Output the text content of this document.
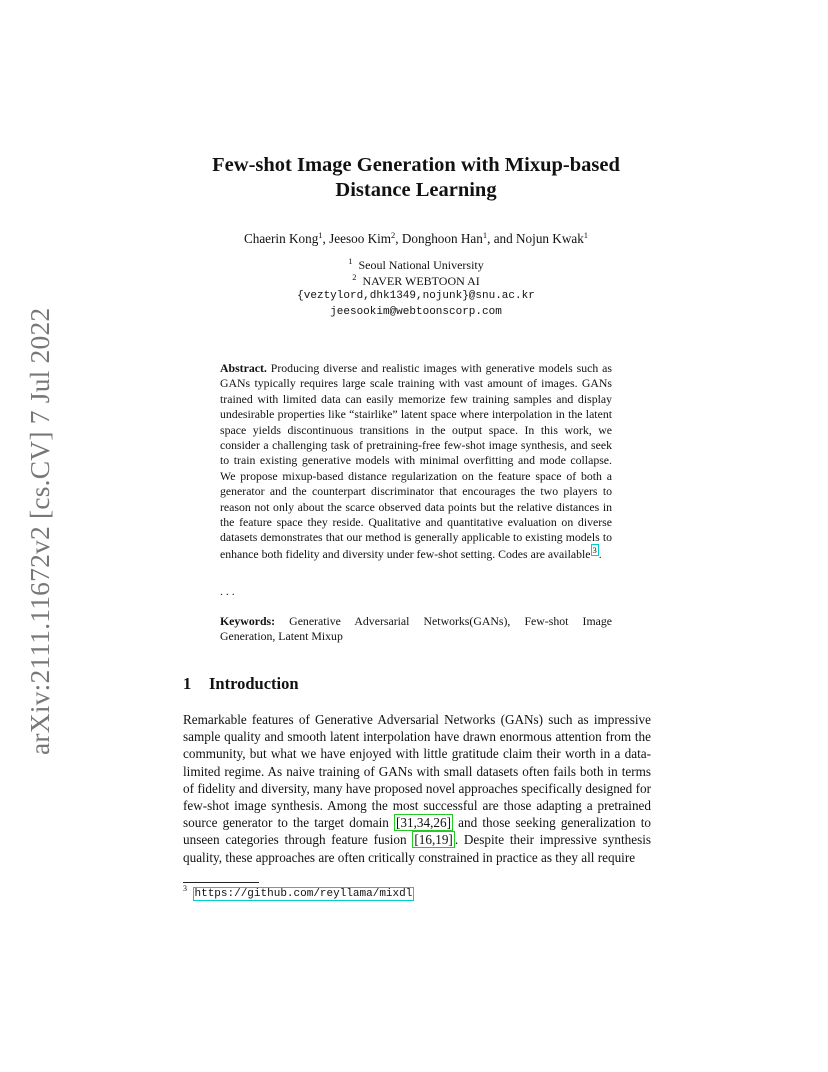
arXiv:2111.11672v2 [cs.CV] 7 Jul 2022
Few-shot Image Generation with Mixup-based
Distance Learning
Chaerin Kong$^1$, Jeesoo Kim$^2$, Donghoon Han$^1$, and Nojun Kwak$^1$
$^1$ Seoul National University
$^2$ NAVER WEBTOON AI
{veztylord,dhk1349,nojunk}@snu.ac.kr
jeesookim@webtoonscorp.com
Abstract. Producing diverse and realistic images with generative models such as GANs typically requires large scale training with vast amount of images. GANs trained with limited data can easily memorize few training samples and display undesirable properties like “stairlike” latent space where interpolation in the latent space yields discontinuous transitions in the output space. In this work, we consider a challenging task of pretraining-free few-shot image synthesis, and seek to train existing generative models with minimal overfitting and mode collapse. We propose mixup-based distance regularization on the feature space of both a generator and the counterpart discriminator that encourages the two players to reason not only about the scarce observed data points but the relative distances in the feature space they reside. Qualitative and quantitative evaluation on diverse datasets demonstrates that our method is generally applicable to existing models to enhance both fidelity and diversity under few-shot setting. Codes are available $^3$ .
. . .
Keywords: Generative Adversarial Networks(GANs), Few-shot Image Generation, Latent Mixup
1 Introduction
Remarkable features of Generative Adversarial Networks (GANs) such as impressive sample quality and smooth latent interpolation have drawn enormous attention from the community, but what we have enjoyed with little gratitude claim their worth in a data-limited regime. As naive training of GANs with small datasets often fails both in terms of fidelity and diversity, many have proposed novel approaches specifically designed for few-shot image synthesis. Among the most successful are those adapting a pretrained source generator to the target domain [31,34,26] and those seeking generalization to unseen categories through feature fusion [16,19] . Despite their impressive synthesis quality, these approaches are often critically constrained in practice as they all require
$^3$ https://github.com/reyllama/mixdl
